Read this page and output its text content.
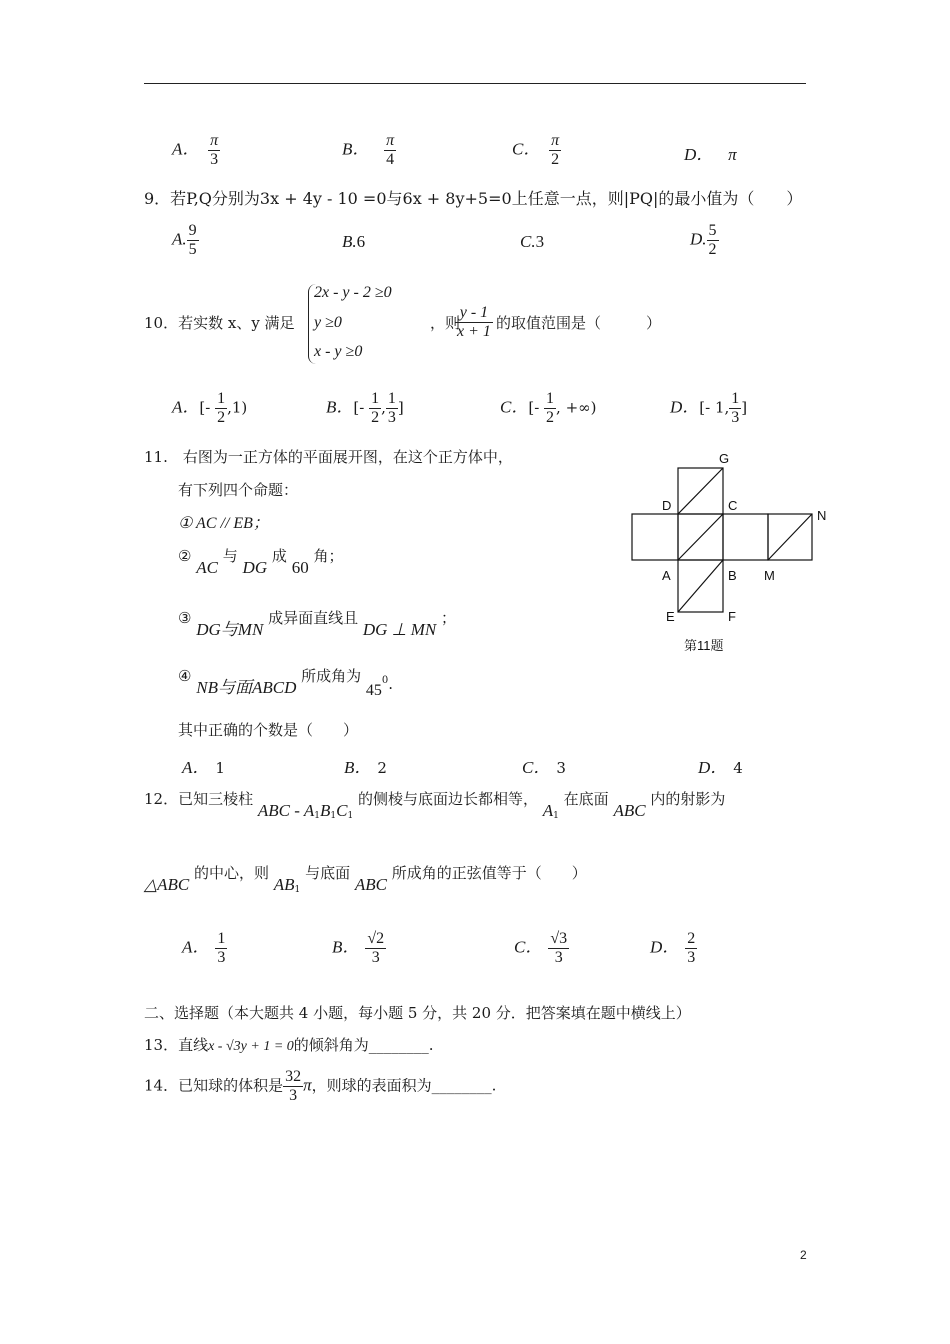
A． $\frac{\pi}{3}$	B． $\frac{\pi}{4}$	C． $\frac{\pi}{2}$	D． π
9．若P,Q分别为3x + 4y - 10 =0与6x + 8y+5=0上任意一点，则|PQ|的最小值为（　　）
A. $\frac{9}{5}$	B.6	C.3	D. $\frac{5}{2}$
10．若实数 x、y 满足
2x - y - 2 ≥0
y ≥0
x - y ≥0
，则
$\frac{y - 1}{x + 1}$ 的取值范围是（　　　）
A．[- $\frac{1}{2} ,1$)	B．[- $\frac{1}{2}$ , $\frac{1}{3}$ ]	C．[- $\frac{1}{2}$ , +∞)	D．[- 1, $\frac{1}{3}$ ]
11.　右图为一正方体的平面展开图，在这个正方体中，
有下列四个命题：
① AC // EB；
② AC 与 DG 成 60 角；
③ DG与MN 成异面直线且 DG ⊥ MN ；
④ NB与面ABCD 所成角为 $45^0$.
其中正确的个数是（　　）
A． 1	B． 2	C． 3	D． 4
G
D	C
N
A	B M
E	F
第11题
12．已知三棱柱 ABC - $A_1B_1C_1$ 的侧棱与底面边长都相等， $A_1$ 在底面 ABC 内的射影为
△ABC 的中心，则 $AB_1$ 与底面 ABC 所成角的正弦值等于（　　）
A． $\frac{1}{3}$	B． $\frac{√2}{3}$	C． $\frac{√3}{3}$	D． $\frac{2}{3}$
二、选择题（本大题共 4 小题，每小题 5 分，共 20 分．把答案填在题中横线上）
13．直线x - √3y + 1 = 0的倾斜角为________.
14．已知球的体积是 $\frac{32}{3}$ π，则球的表面积为________.
2
